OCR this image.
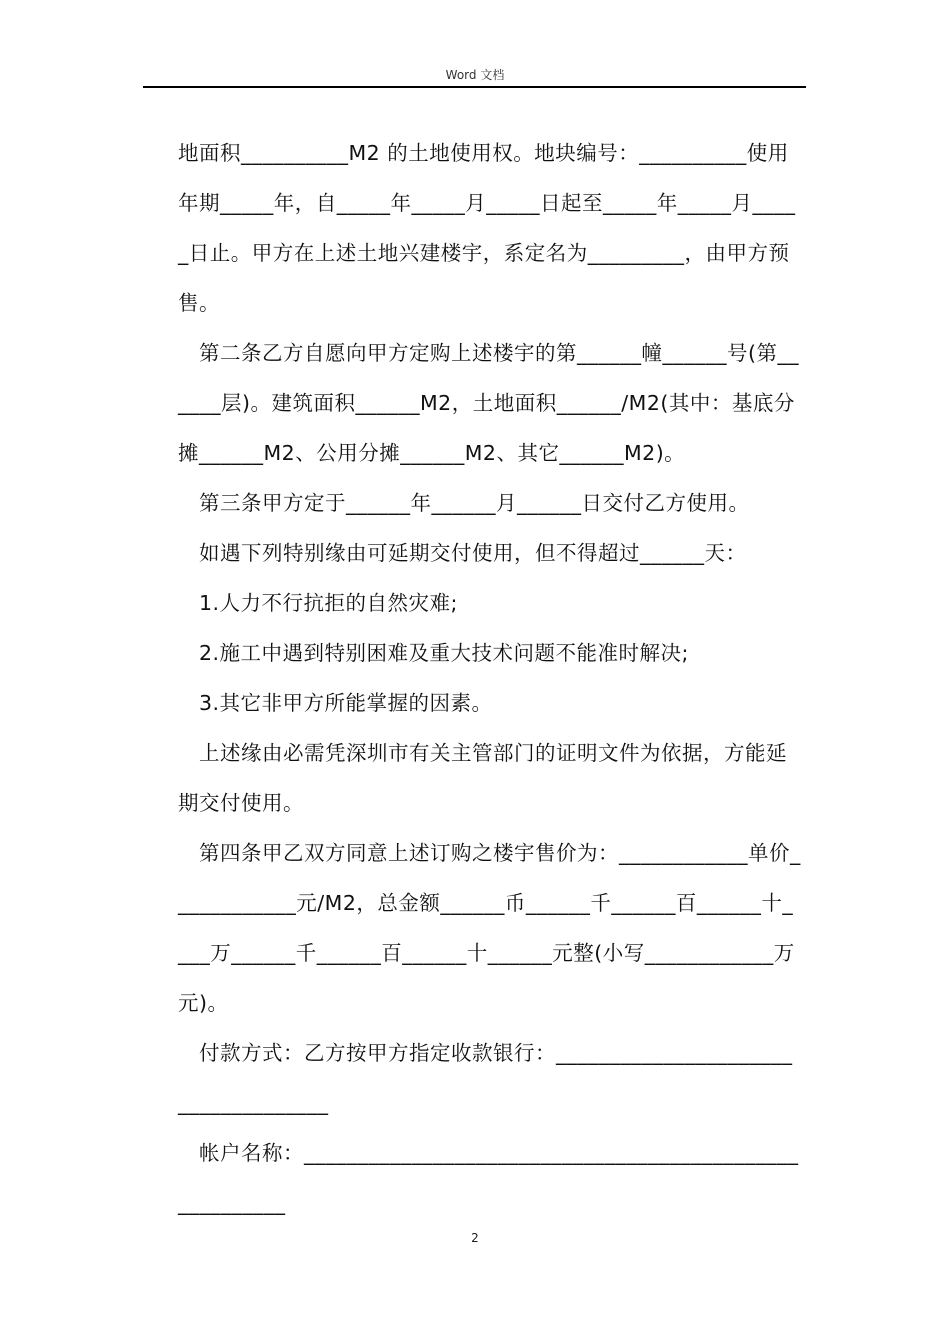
Word 文档

地面积__________M2 的土地使用权。地块编号：__________使用年期_____年，自_____年_____月_____日起至_____年_____月_____日止。甲方在上述土地兴建楼宇，系定名为_________，由甲方预售。

第二条乙方自愿向甲方定购上述楼宇的第______幢______号(第______层)。建筑面积______M2，土地面积______/M2(其中：基底分摊______M2、公用分摊______M2、其它______M2)。

第三条甲方定于______年______月______日交付乙方使用。

如遇下列特别缘由可延期交付使用，但不得超过______天：

1.人力不行抗拒的自然灾难;

2.施工中遇到特别困难及重大技术问题不能准时解决;

3.其它非甲方所能掌握的因素。

上述缘由必需凭深圳市有关主管部门的证明文件为依据，方能延期交付使用。

第四条甲乙双方同意上述订购之楼宇售价为：____________单价____________元/M2，总金额______币______千______百______十____万______千______百______十______元整(小写____________万元)。

付款方式：乙方按甲方指定收款银行：____________________________________

帐户名称：________________________________________________________

2
